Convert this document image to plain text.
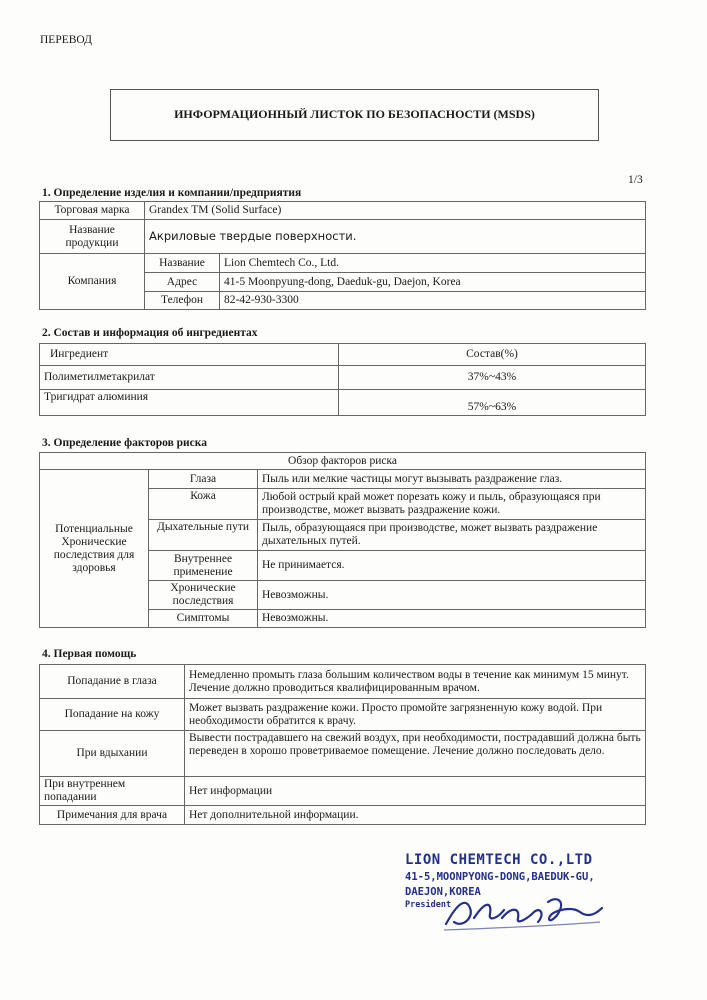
ПЕРЕВОД
ИНФОРМАЦИОННЫЙ ЛИСТОК ПО БЕЗОПАСНОСТИ (MSDS)
1/3
1. Определение изделия и компании/предприятия
Торговая марка	Grandex TM (Solid Surface)	
Название продукции	Акриловые твердые поверхности.	
Компания	Название	Lion Chemtech Co., Ltd.
	Адрес	41-5 Moonpyung-dong, Daeduk-gu, Daejon, Korea
	Телефон	82-42-930-3300
2. Состав и информация об ингредиентах
Ингредиент	Состав(%)
Полиметилметакрилат	37%~43%
Тригидрат алюминия	57%~63%
3. Определение факторов риска
Обзор факторов риска		
Потенциальные Хронические последствия для здоровья	Глаза	Пыль или мелкие частицы могут вызывать раздражение глаз.
	Кожа	Любой острый край может порезать кожу и пыль, образующаяся при производстве, может вызвать раздражение кожи.
	Дыхательные пути	Пыль, образующаяся при производстве, может вызвать раздражение дыхательных путей.
	Внутреннее применение	Не принимается.
	Хронические последствия	Невозможны.
	Симптомы	Невозможны.
4. Первая помощь
Попадание в глаза	Немедленно промыть глаза большим количеством воды в течение как минимум 15 минут. Лечение должно проводиться квалифицированным врачом.
Попадание на кожу	Может вызвать раздражение кожи. Просто промойте загрязненную кожу водой. При необходимости обратится к врачу.
При вдыхании	Вывести пострадавшего на свежий воздух, при необходимости, пострадавший должна быть переведен в хорошо проветриваемое помещение. Лечение должно последовать дело.
При внутреннем попадании	Нет информации
Примечания для врача	Нет дополнительной информации.
LION CHEMTECH CO.,LTD
41-5,MOONPYONG-DONG,BAEDUK-GU,
DAEJON,KOREA
President
